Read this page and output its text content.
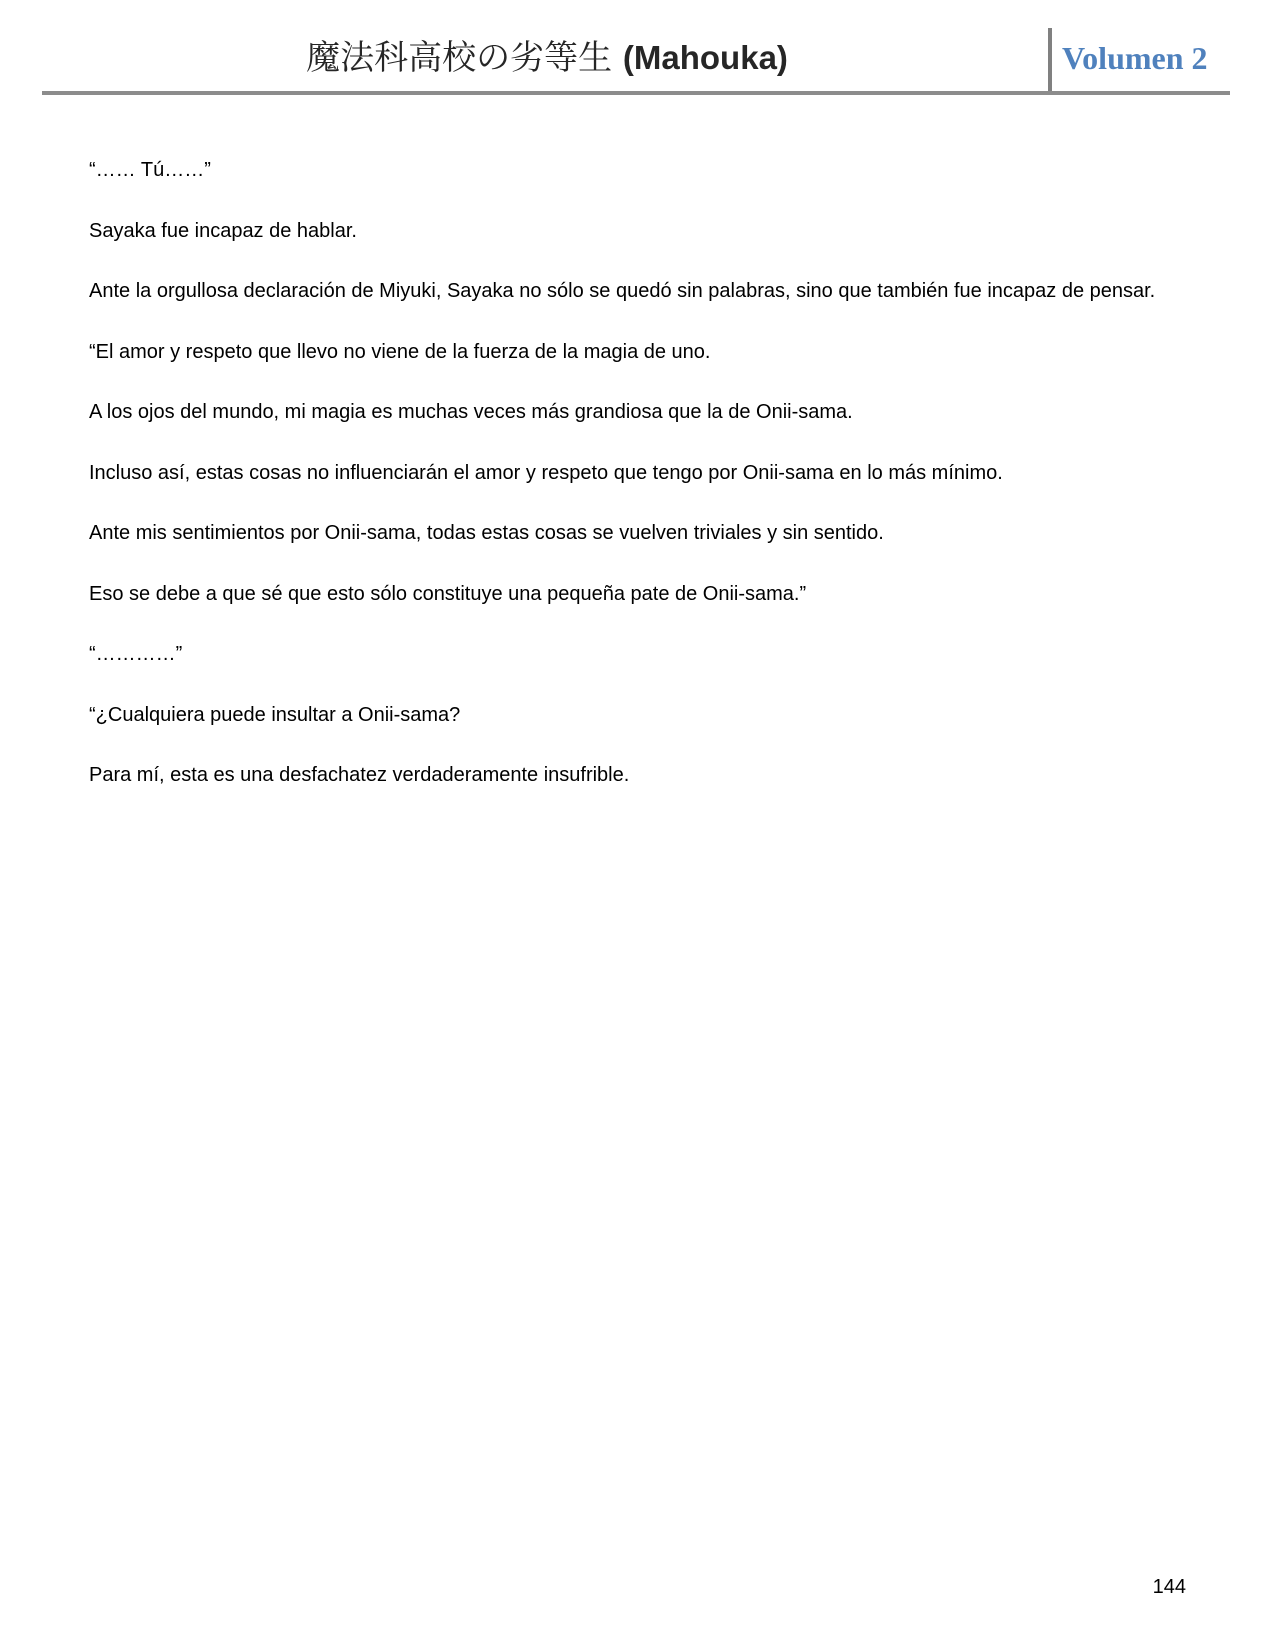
魔法科高校の劣等生 (Mahouka)	Volumen 2

“…… Tú……”

Sayaka fue incapaz de hablar.

Ante la orgullosa declaración de Miyuki, Sayaka no sólo se quedó sin palabras, sino que también fue incapaz de pensar.

“El amor y respeto que llevo no viene de la fuerza de la magia de uno.

A los ojos del mundo, mi magia es muchas veces más grandiosa que la de Onii-sama.

Incluso así, estas cosas no influenciarán el amor y respeto que tengo por Onii-sama en lo más mínimo.

Ante mis sentimientos por Onii-sama, todas estas cosas se vuelven triviales y sin sentido.

Eso se debe a que sé que esto sólo constituye una pequeña pate de Onii-sama.”

“…………”

“¿Cualquiera puede insultar a Onii-sama?

Para mí, esta es una desfachatez verdaderamente insufrible.

144
